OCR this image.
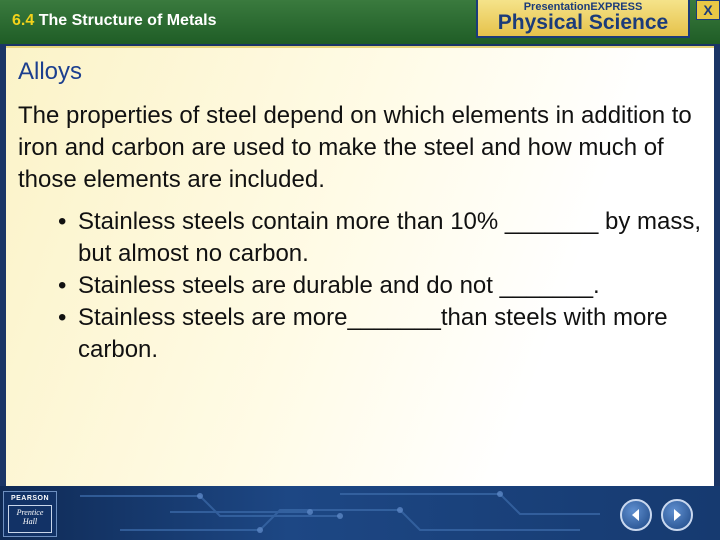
6.4 The Structure of Metals
PresentationEXPRESS
Physical Science
X
Alloys

The properties of steel depend on which elements in addition to iron and carbon are used to make the steel and how much of those elements are included.

• Stainless steels contain more than 10% _______ by mass, but almost no carbon.
• Stainless steels are durable and do not _______.
• Stainless steels are more_______than steels with more carbon.
PEARSON
Prentice Hall
